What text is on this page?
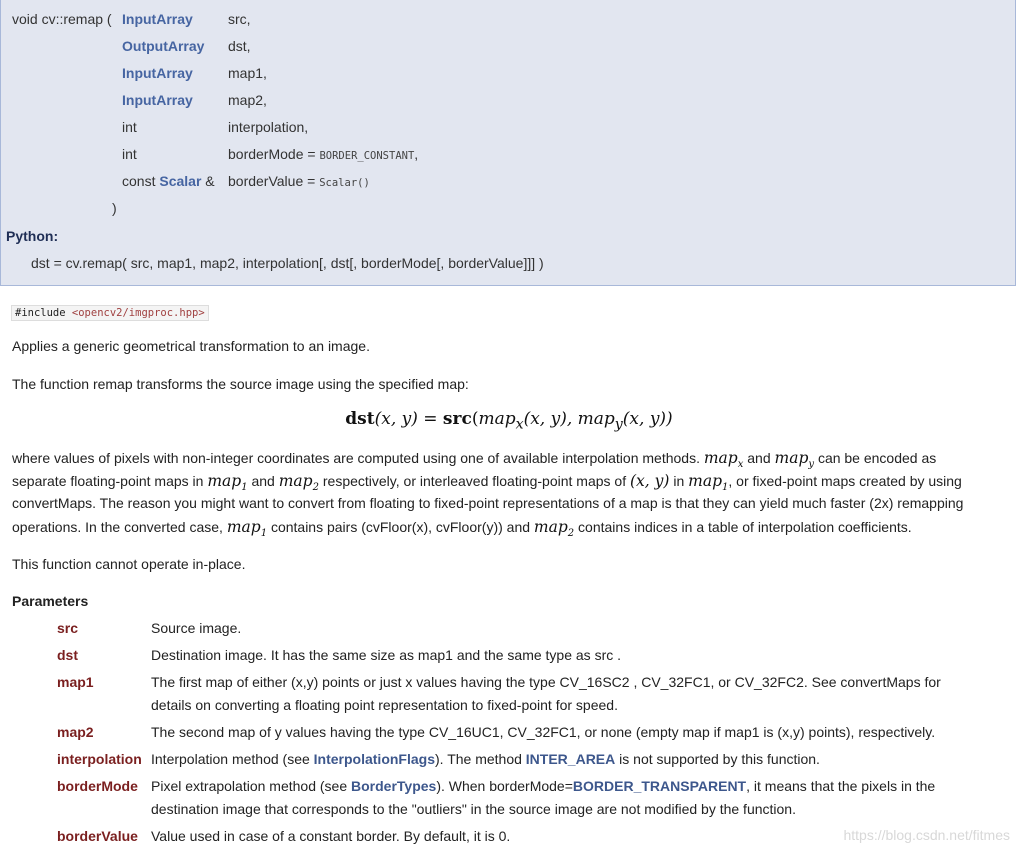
void cv::remap ( InputArray	src,
OutputArray dst,
InputArray	map1,
InputArray	map2,
int	interpolation,
int	borderMode = BORDER_CONSTANT,
const Scalar & borderValue = Scalar()
)
Python:
dst = cv.remap( src, map1, map2, interpolation[, dst[, borderMode[, borderValue]]] )
#include <opencv2/imgproc.hpp>
Applies a generic geometrical transformation to an image.
The function remap transforms the source image using the specified map:
dst(x, y) = src(map$_x$(x, y), map$_y$(x, y))
where values of pixels with non-integer coordinates are computed using one of available interpolation methods. map$_x$ and map$_y$ can be encoded as
separate floating-point maps in map$_1$ and map$_2$ respectively, or interleaved floating-point maps of (x, y) in map$_1$, or fixed-point maps created by using
convertMaps. The reason you might want to convert from floating to fixed-point representations of a map is that they can yield much faster (2x) remapping
operations. In the converted case, map$_1$ contains pairs (cvFloor(x), cvFloor(y)) and map$_2$ contains indices in a table of interpolation coefficients.
This function cannot operate in-place.
Parameters
src	Source image.
dst	Destination image. It has the same size as map1 and the same type as src .
map1	The first map of either (x,y) points or just x values having the type CV_16SC2 , CV_32FC1, or CV_32FC2. See convertMaps for
details on converting a floating point representation to fixed-point for speed.
map2	The second map of y values having the type CV_16UC1, CV_32FC1, or none (empty map if map1 is (x,y) points), respectively.
interpolation Interpolation method (see InterpolationFlags). The method INTER_AREA is not supported by this function.
borderMode Pixel extrapolation method (see BorderTypes). When borderMode=BORDER_TRANSPARENT, it means that the pixels in the
destination image that corresponds to the "outliers" in the source image are not modified by the function.
borderValue Value used in case of a constant border. By default, it is 0.	https://blog.csdn.net/fitmes
